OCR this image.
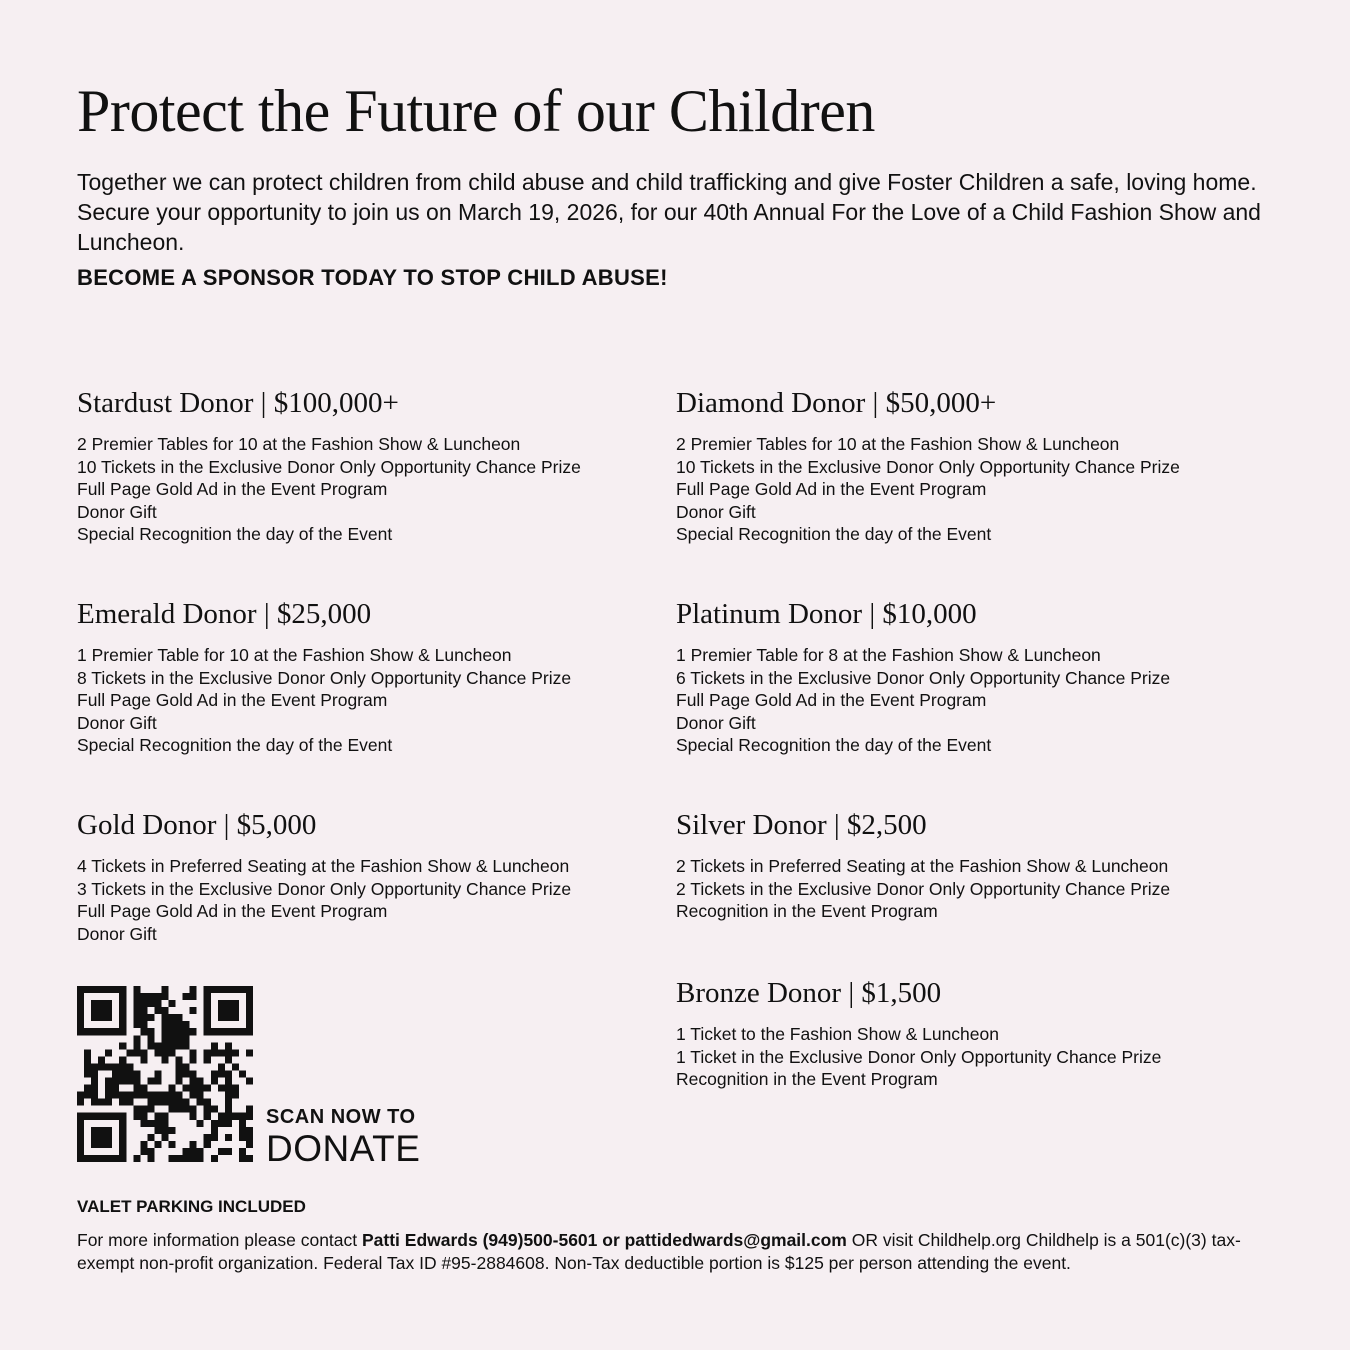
Protect the Future of our Children

Together we can protect children from child abuse and child trafficking and give Foster Children a safe, loving home. Secure your opportunity to join us on March 19, 2026, for our 40th Annual For the Love of a Child Fashion Show and Luncheon.

BECOME A SPONSOR TODAY TO STOP CHILD ABUSE!

Stardust Donor | $100,000+
2 Premier Tables for 10 at the Fashion Show & Luncheon
10 Tickets in the Exclusive Donor Only Opportunity Chance Prize
Full Page Gold Ad in the Event Program
Donor Gift
Special Recognition the day of the Event
Diamond Donor | $50,000+
2 Premier Tables for 10 at the Fashion Show & Luncheon
10 Tickets in the Exclusive Donor Only Opportunity Chance Prize
Full Page Gold Ad in the Event Program
Donor Gift
Special Recognition the day of the Event
Emerald Donor | $25,000
1 Premier Table for 10 at the Fashion Show & Luncheon
8 Tickets in the Exclusive Donor Only Opportunity Chance Prize
Full Page Gold Ad in the Event Program
Donor Gift
Special Recognition the day of the Event
Platinum Donor | $10,000
1 Premier Table for 8 at the Fashion Show & Luncheon
6 Tickets in the Exclusive Donor Only Opportunity Chance Prize
Full Page Gold Ad in the Event Program
Donor Gift
Special Recognition the day of the Event
Gold Donor | $5,000
4 Tickets in Preferred Seating at the Fashion Show & Luncheon
3 Tickets in the Exclusive Donor Only Opportunity Chance Prize
Full Page Gold Ad in the Event Program
Donor Gift
Silver Donor | $2,500
2 Tickets in Preferred Seating at the Fashion Show & Luncheon
2 Tickets in the Exclusive Donor Only Opportunity Chance Prize
Recognition in the Event Program
Bronze Donor | $1,500
1 Ticket to the Fashion Show & Luncheon
1 Ticket in the Exclusive Donor Only Opportunity Chance Prize
Recognition in the Event Program
SCAN NOW TO
DONATE
VALET PARKING INCLUDED

For more information please contact Patti Edwards (949)500-5601 or pattidedwards@gmail.com OR visit Childhelp.org Childhelp is a 501(c)(3) tax-exempt non-profit organization. Federal Tax ID #95-2884608. Non-Tax deductible portion is $125 per person attending the event.
